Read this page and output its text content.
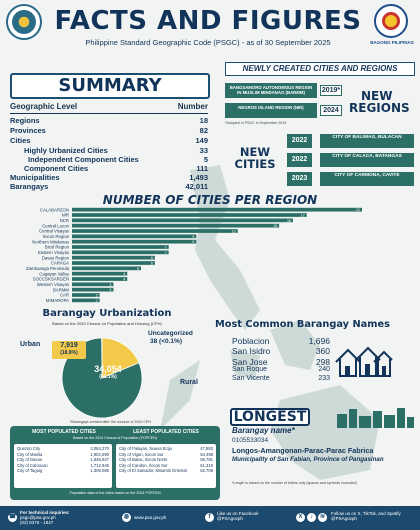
FACTS AND FIGURES
Philippine Standard Geographic Code (PSGC) - as of 30 September 2025	BAGONG PILIPINAS
SUMMARY
Geographic Level	Number
Regions	18
Provinces	82
Cities	149
Highly Urbanized Cities	33
Independent Component Cities	5
Component Cities	111
Municipalities	1,493
Barangays	42,011
NEWLY CREATED CITIES AND REGIONS
BANGSAMORO AUTONOMOUS REGION IN MUSLIM MINDANAO (BARMM)	2019*
NEGROS ISLAND REGION (NIR)	2024
NEW
REGIONS
*Adopted in PSGC in September 2019
NEW
CITIES
2022	CITY OF BALIWAG, BULACAN
2022	CITY OF CALACA, BATANGAS
2023	CITY OF CARMONA, CAVITE
NUMBER OF CITIES PER REGION
CALABARZON	21
NIR	17
NCR	16
Central Luzon	15
Central Visayas	12
Ilocos Region	9
Northern Mindanao	9
Bicol Region	7
Eastern Visayas	7
Davao Region	6
CARAGA	6
Zamboanga Peninsula	5
Cagayan Valley	4
SOCCSKSARGEN	4
Western Visayas	3
BARMM	3
CAR	2
MIMAROPA	2
Barangay Urbanization
Based on the 2020 Census on Population and Housing (CPH)
Urban	7,919
(18.8%)
Uncategorized
38 (<0.1%)
34,054
(81.1%)
Rural
*Barangays created after the conduct of 2020 CPH
Most Common Barangay Names
Poblacion	1,696
San Isidro	360
San Jose	298
San Roque	240
San Vicente	233
LONGEST
Barangay name*
0105533034
Longos-Amangonan-Parac-Parac Fabrica
Municipality of San Fabian, Province of Pangasinan
*Length is based on the number of letters only (spaces and symbols excluded)
MOST POPULATED CITIES	LEAST POPULATED CITIES
Based on the 2024 Census of Population (POPCEN)
Quezon City	3,084,270
City of Manila	1,902,590
City of Davao	1,848,947
City of Caloocan	1,712,945
City of Taguig	1,308,085
City of Palayan, Nueva Ecija	47,883
City of Vigan, Ilocos Sur	54,498
City of Batac, Ilocos Norte	58,781
City of Candon, Ilocos Sur	61,315
City of El Salvador, Misamis Oriental	62,709
Population data of the cities based on the 2024 POPCEN
☎
For technical inquiries:
psgc@psa.gov.ph
(02) 8376 - 1847
◍	www.psa.gov.ph	f
Like us on Facebook
@PSAgovph	X	♪	≋
Follow us on X, TikTok, and Spotify
@PSAgovph
